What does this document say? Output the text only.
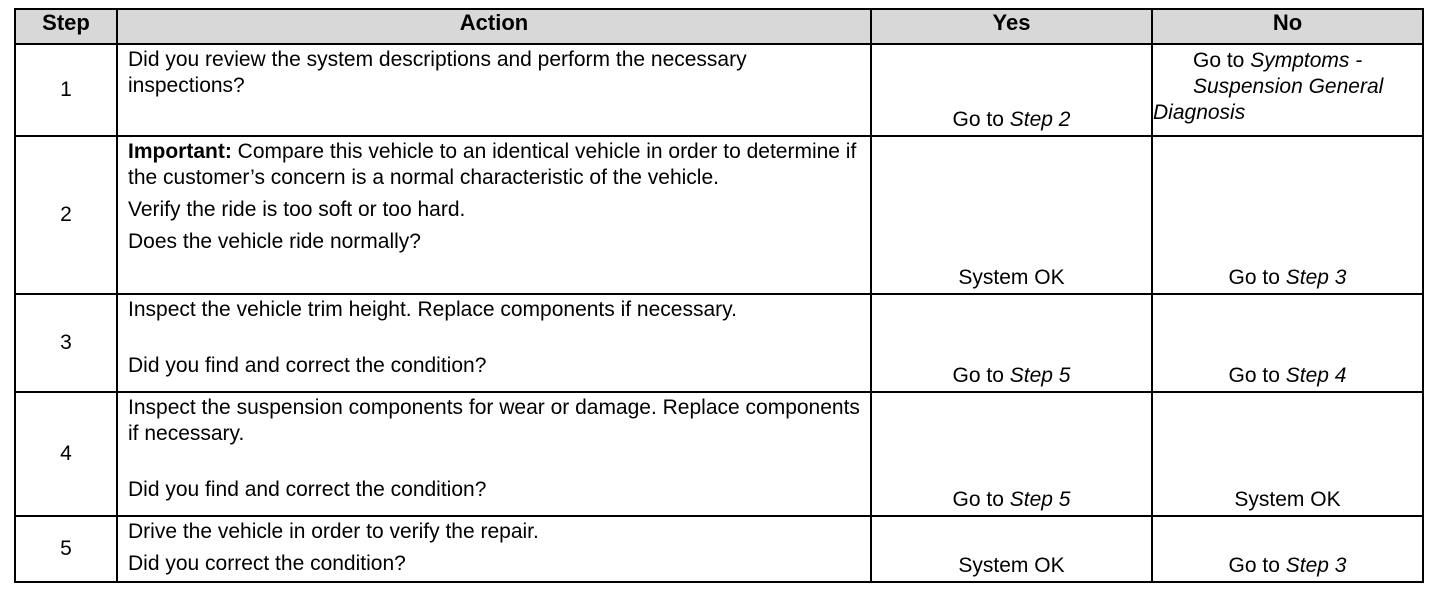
Step	Action	Yes	No
1	Did you review the system descriptions and perform the necessary inspections?	Go to Step 2	Go to Symptoms -
Suspension General
Diagnosis

2	Important: Compare this vehicle to an identical vehicle in order to determine if the customer’s concern is a normal characteristic of the vehicle.

Verify the ride is too soft or too hard.

Does the vehicle ride normally?	System OK	Go to Step 3
3	Inspect the vehicle trim height. Replace components if necessary.

Did you find and correct the condition?	Go to Step 5	Go to Step 4
4	Inspect the suspension components for wear or damage. Replace components if necessary.

Did you find and correct the condition?	Go to Step 5	System OK
5	Drive the vehicle in order to verify the repair.

Did you correct the condition?	System OK	Go to Step 3
